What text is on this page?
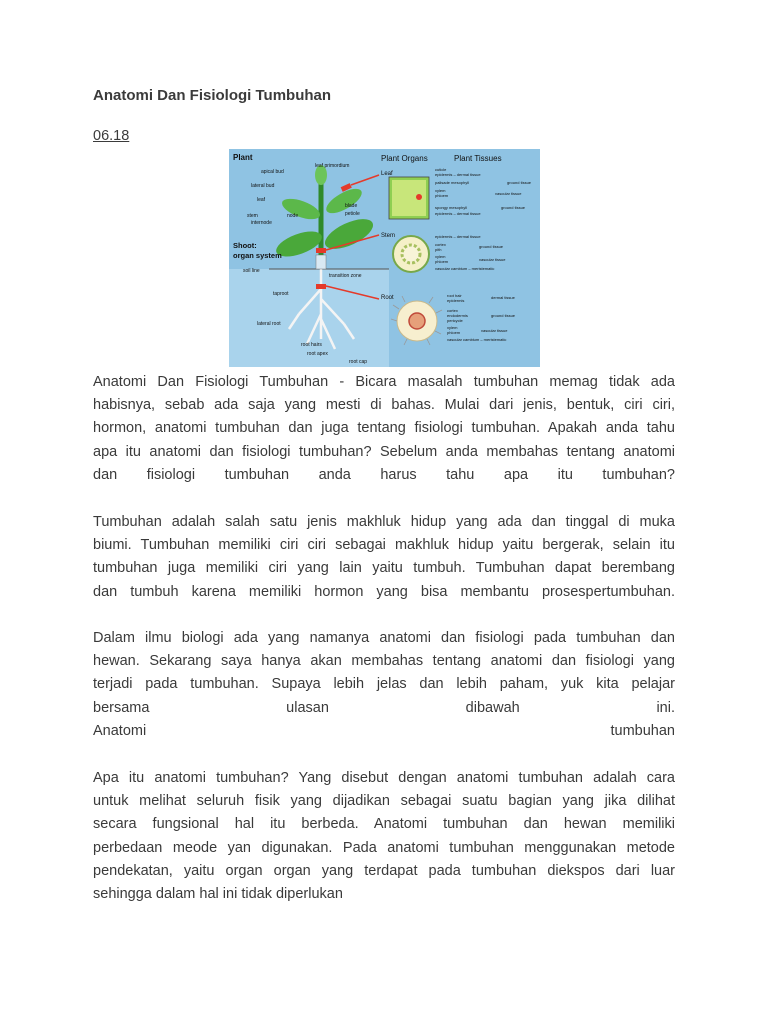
Anatomi Dan Fisiologi Tumbuhan
06.18
Plant	Plant Organs	Plant Tissues
apical bud
leaf primordium
lateral bud
leaf
blade
stem	node
internode
petiole
Shoot:
organ system
soil line
transition zone
taproot
lateral root
root hairs
root apex
root cap
Leaf
Stem
Root
cuticle
epidermis – dermal tissue
palisade mesophyll
xylem
phloem
spongy mesophyll
epidermis – dermal tissue
ground tissue
vascular tissue
ground tissue
epidermis – dermal tissue
cortex
pith
xylem
phloem
vascular cambium – meristematic
ground tissue
vascular tissue
root hair
epidermis
cortex
endodermis
pericycle
xylem
phloem
vascular cambium – meristematic
dermal tissue
ground tissue
vascular tissue
Anatomi Dan Fisiologi Tumbuhan - Bicara masalah tumbuhan memag tidak ada
habisnya, sebab ada saja yang mesti di bahas. Mulai dari jenis, bentuk, ciri ciri,
hormon, anatomi tumbuhan dan juga tentang fisiologi tumbuhan. Apakah anda tahu
apa itu anatomi dan fisiologi tumbuhan? Sebelum anda membahas tentang anatomi
dan fisiologi tumbuhan anda harus tahu apa itu tumbuhan?
Tumbuhan adalah salah satu jenis makhluk hidup yang ada dan tinggal di muka
biumi. Tumbuhan memiliki ciri ciri sebagai makhluk hidup yaitu bergerak, selain itu
tumbuhan juga memiliki ciri yang lain yaitu tumbuh. Tumbuhan dapat berembang
dan tumbuh karena memiliki hormon yang bisa membantu prosespertumbuhan.
Dalam ilmu biologi ada yang namanya anatomi dan fisiologi pada tumbuhan dan
hewan. Sekarang saya hanya akan membahas tentang anatomi dan fisiologi yang
terjadi pada tumbuhan. Supaya lebih jelas dan lebih paham, yuk kita pelajar
bersama ulasan dibawah ini.
Anatomi tumbuhan
Apa itu anatomi tumbuhan? Yang disebut dengan anatomi tumbuhan adalah cara
untuk melihat seluruh fisik yang dijadikan sebagai suatu bagian yang jika dilihat
secara fungsional hal itu berbeda. Anatomi tumbuhan dan hewan memiliki
perbedaan meode yan digunakan. Pada anatomi tumbuhan menggunakan metode
pendekatan, yaitu organ organ yang terdapat pada tumbuhan diekspos dari luar
sehingga dalam hal ini tidak diperlukan
